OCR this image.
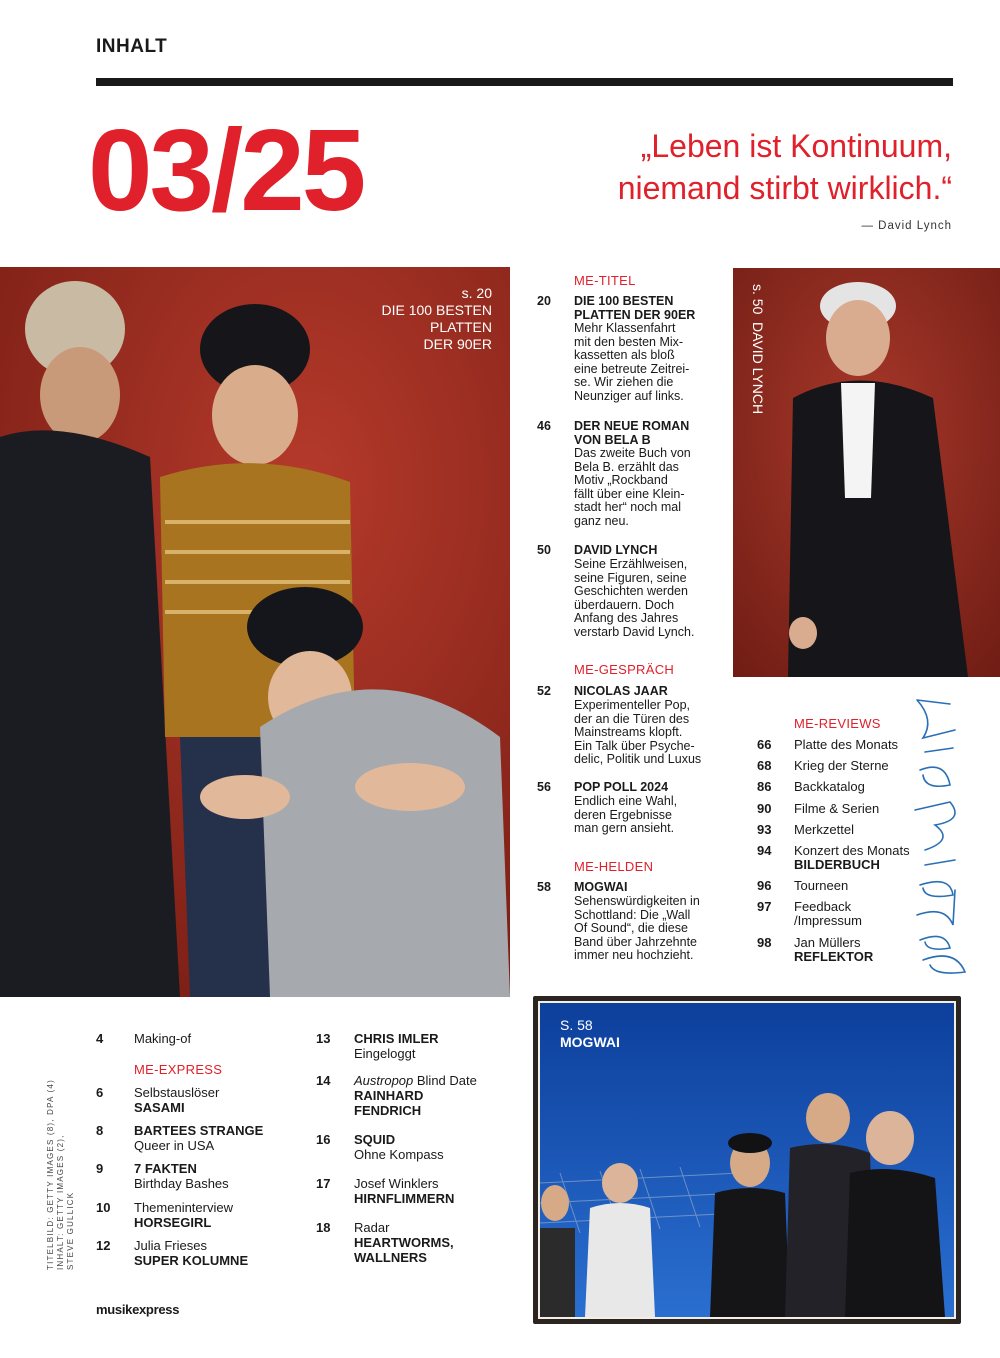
INHALT
03/25	„Leben ist Kontinuum,
niemand stirbt wirklich.“
— David Lynch
s. 20
DIE 100 BESTEN
PLATTEN
DER 90ER
ME-TITEL
20 DIE 100 BESTEN PLATTEN DER 90ER
Mehr Klassenfahrt
mit den besten Mix-
kassetten als bloß
eine betreute Zeitrei-
se. Wir ziehen die
Neunziger auf links.
46 DER NEUE ROMAN
VON BELA B
Das zweite Buch von
Bela B. erzählt das
Motiv „Rockband
fällt über eine Klein-
stadt her“ noch mal
ganz neu.
50 DAVID LYNCH
Seine Erzählweisen,
seine Figuren, seine
Geschichten werden
überdauern. Doch
Anfang des Jahres
verstarb David Lynch.
ME-GESPRÄCH
52 NICOLAS JAAR
Experimenteller Pop,
der an die Türen des
Mainstreams klopft.
Ein Talk über Psyche-
delic, Politik und Luxus
56 POP POLL 2024
Endlich eine Wahl,
deren Ergebnisse
man gern ansieht.
ME-HELDEN
58 MOGWAI
Sehenswürdigkeiten in
Schottland: Die „Wall
Of Sound“, die diese
Band über Jahrzehnte
immer neu hochzieht.
s. 50 DAVID LYNCH
ME-REVIEWS
66 Platte des Monats
68 Krieg der Sterne
86 Backkatalog
90 Filme & Serien
93 Merkzettel
94 Konzert des Monats
BILDERBUCH
96 Tourneen
97 Feedback
/Impressum
98 Jan Müllers
REFLEKTOR
S. 58
MOGWAI
4 Making-of
ME-EXPRESS
6 Selbstauslöser
SASAMI
8 BARTEES STRANGE
Queer in USA
9 7 FAKTEN
Birthday Bashes
10 Themeninterview
HORSEGIRL
12 Julia Frieses
SUPER KOLUMNE
13 CHRIS IMLER
Eingeloggt
14 Austropop Blind Date
RAINHARD
FENDRICH
16 SQUID
Ohne Kompass
17 Josef Winklers
HIRNFLIMMERN
18 Radar
HEARTWORMS,
WALLNERS
TITELBILD: GETTY IMAGES (8), DPA (4) INHALT: GETTY IMAGES (2), STEVE GULLICK
musikexpress
